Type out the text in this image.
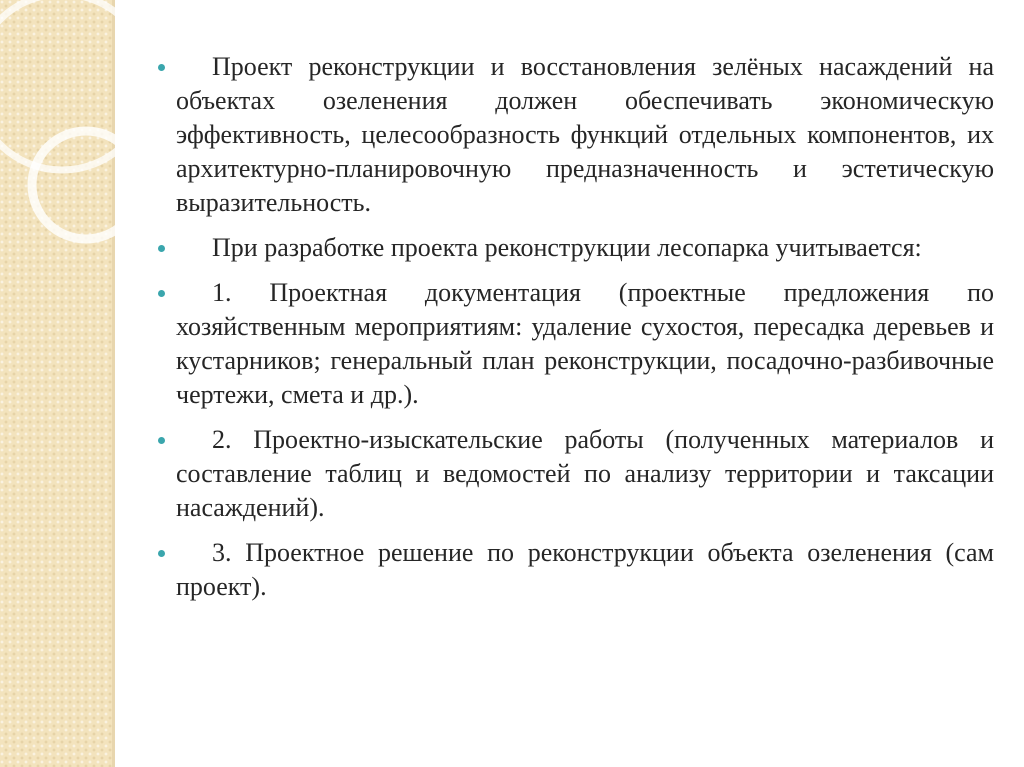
Проект реконструкции и восстановления зелёных насаждений на объектах озеленения должен обеспечивать экономическую эффективность, целесообразность функций отдельных компонентов, их архитектурно-планировочную предназначенность и эстетическую выразительность.

При разработке проекта реконструкции лесопарка учитывается:

1. Проектная документация (проектные предложения по хозяйственным мероприятиям: удаление сухостоя, пересадка деревьев и кустарников; генеральный план реконструкции, посадочно-разбивочные чертежи, смета и др.).

2. Проектно-изыскательские работы (полученных материалов и составление таблиц и ведомостей по анализу территории и таксации насаждений).

3. Проектное решение по реконструкции объекта озеленения (сам проект).
